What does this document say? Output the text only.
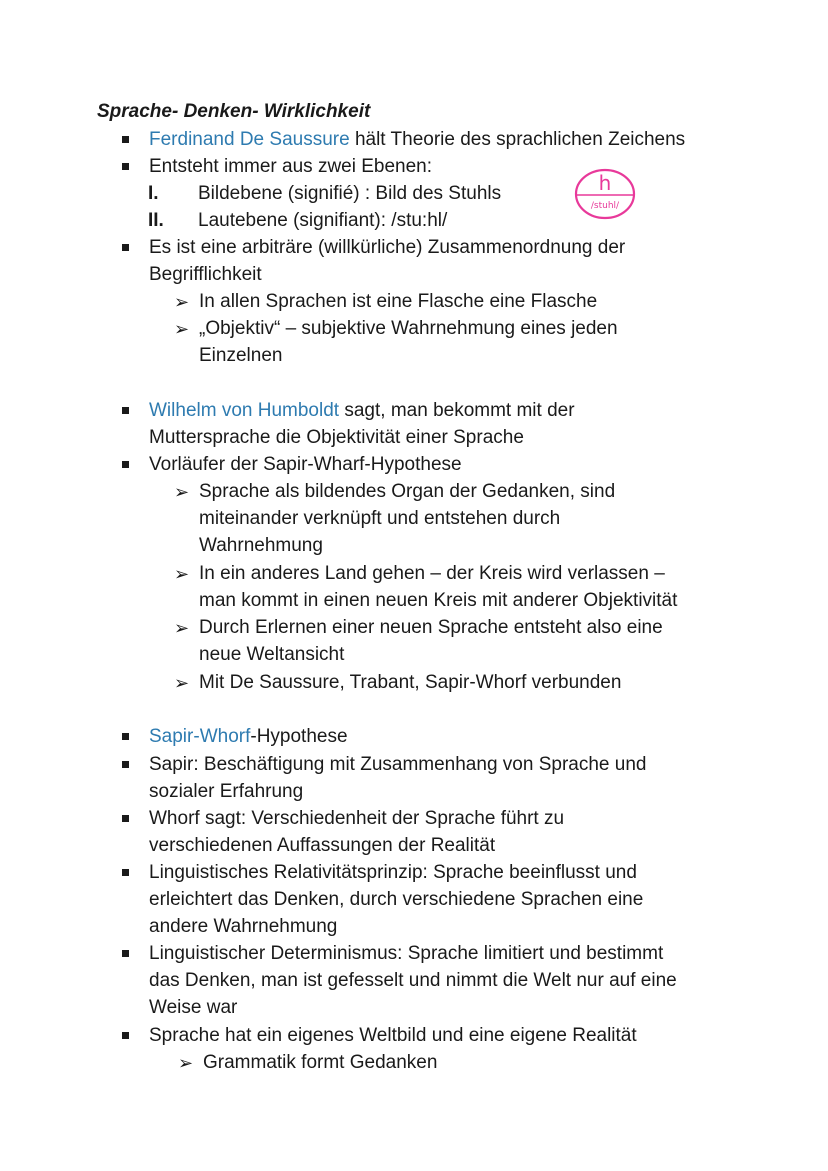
Sprache- Denken- Wirklichkeit
Ferdinand De Saussure hält Theorie des sprachlichen Zeichens
Entsteht immer aus zwei Ebenen:
I. Bildebene (signifié) : Bild des Stuhls
II. Lautebene (signifiant): /stu:hl/
h
/stuhl/
Es ist eine arbiträre (willkürliche) Zusammenordnung der
Begrifflichkeit
➢ In allen Sprachen ist eine Flasche eine Flasche
➢ „Objektiv“ – subjektive Wahrnehmung eines jeden
Einzelnen
Wilhelm von Humboldt sagt, man bekommt mit der
Muttersprache die Objektivität einer Sprache
Vorläufer der Sapir-Wharf-Hypothese
➢ Sprache als bildendes Organ der Gedanken, sind
miteinander verknüpft und entstehen durch
Wahrnehmung
➢ In ein anderes Land gehen – der Kreis wird verlassen –
man kommt in einen neuen Kreis mit anderer Objektivität
➢ Durch Erlernen einer neuen Sprache entsteht also eine
neue Weltansicht
➢ Mit De Saussure, Trabant, Sapir-Whorf verbunden
Sapir-Whorf-Hypothese
Sapir: Beschäftigung mit Zusammenhang von Sprache und
sozialer Erfahrung
Whorf sagt: Verschiedenheit der Sprache führt zu
verschiedenen Auffassungen der Realität
Linguistisches Relativitätsprinzip: Sprache beeinflusst und
erleichtert das Denken, durch verschiedene Sprachen eine
andere Wahrnehmung
Linguistischer Determinismus: Sprache limitiert und bestimmt
das Denken, man ist gefesselt und nimmt die Welt nur auf eine
Weise war
Sprache hat ein eigenes Weltbild und eine eigene Realität
➢ Grammatik formt Gedanken
